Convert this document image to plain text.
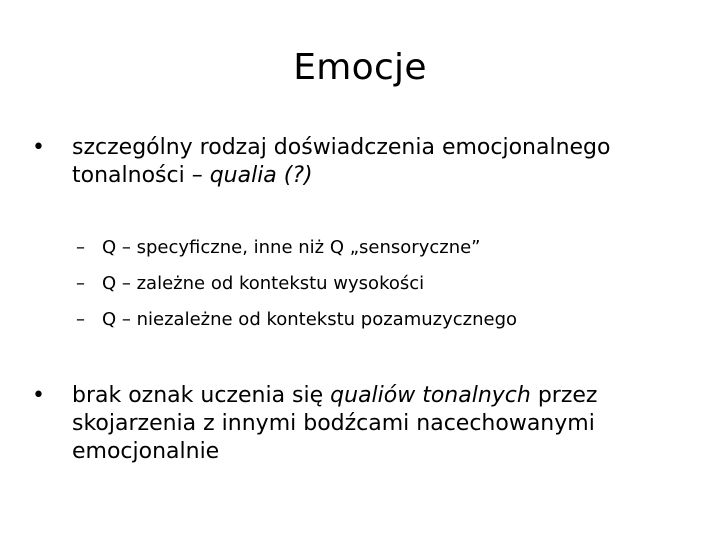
Emocje
•	szczególny rodzaj doświadczenia emocjonalnego tonalności – qualia (?)
– Q – specyficzne, inne niż Q „sensoryczne”
– Q – zależne od kontekstu wysokości
– Q – niezależne od kontekstu pozamuzycznego
•	brak oznak uczenia się qualiów tonalnych przez skojarzenia z innymi bodźcami nacechowanymi emocjonalnie
